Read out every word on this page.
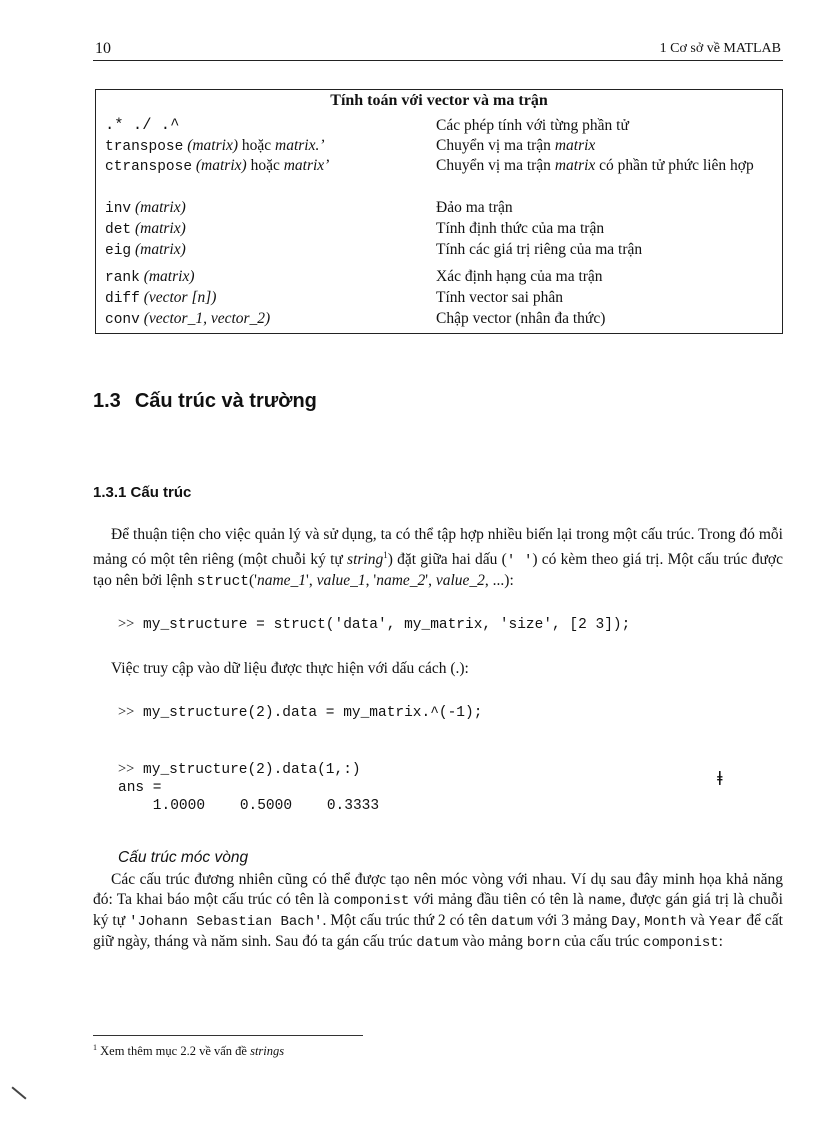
10	1 Cơ sở về MATLAB
Tính toán với vector và ma trận
.* ./ .^	Các phép tính với từng phần tử
transpose (matrix) hoặc matrix.’	Chuyển vị ma trận matrix
ctranspose (matrix) hoặc matrix’	Chuyển vị ma trận matrix có phần tử phức liên hợp
inv (matrix)	Đảo ma trận
det (matrix)	Tính định thức của ma trận
eig (matrix)	Tính các giá trị riêng của ma trận
rank (matrix)	Xác định hạng của ma trận
diff (vector [n])	Tính vector sai phân
conv (vector_1, vector_2)	Chập vector (nhân đa thức)
1.3 Cấu trúc và trường
1.3.1 Cấu trúc
Để thuận tiện cho việc quản lý và sử dụng, ta có thể tập hợp nhiều biến lại trong một cấu trúc. Trong đó mỗi mảng có một tên riêng (một chuỗi ký tự string$^1$) đặt giữa hai dấu (' ') có kèm theo giá trị. Một cấu trúc được tạo nên bởi lệnh struct('name_1', value_1, 'name_2', value_2, ...):
>> my_structure = struct('data', my_matrix, 'size', [2 3]);
Việc truy cập vào dữ liệu được thực hiện với dấu cách (.):
>> my_structure(2).data = my_matrix.^(-1);
>> my_structure(2).data(1,:)
ans =
1.0000    0.5000    0.3333
ǂ
Cấu trúc móc vòng
Các cấu trúc đương nhiên cũng có thể được tạo nên móc vòng với nhau. Ví dụ sau đây minh họa khả năng đó: Ta khai báo một cấu trúc có tên là componist với mảng đầu tiên có tên là name, được gán giá trị là chuỗi ký tự 'Johann Sebastian Bach'. Một cấu trúc thứ 2 có tên datum với 3 mảng Day, Month và Year để cất giữ ngày, tháng và năm sinh. Sau đó ta gán cấu trúc datum vào mảng born của cấu trúc componist:
$^1$ Xem thêm mục 2.2 về vấn đề strings
